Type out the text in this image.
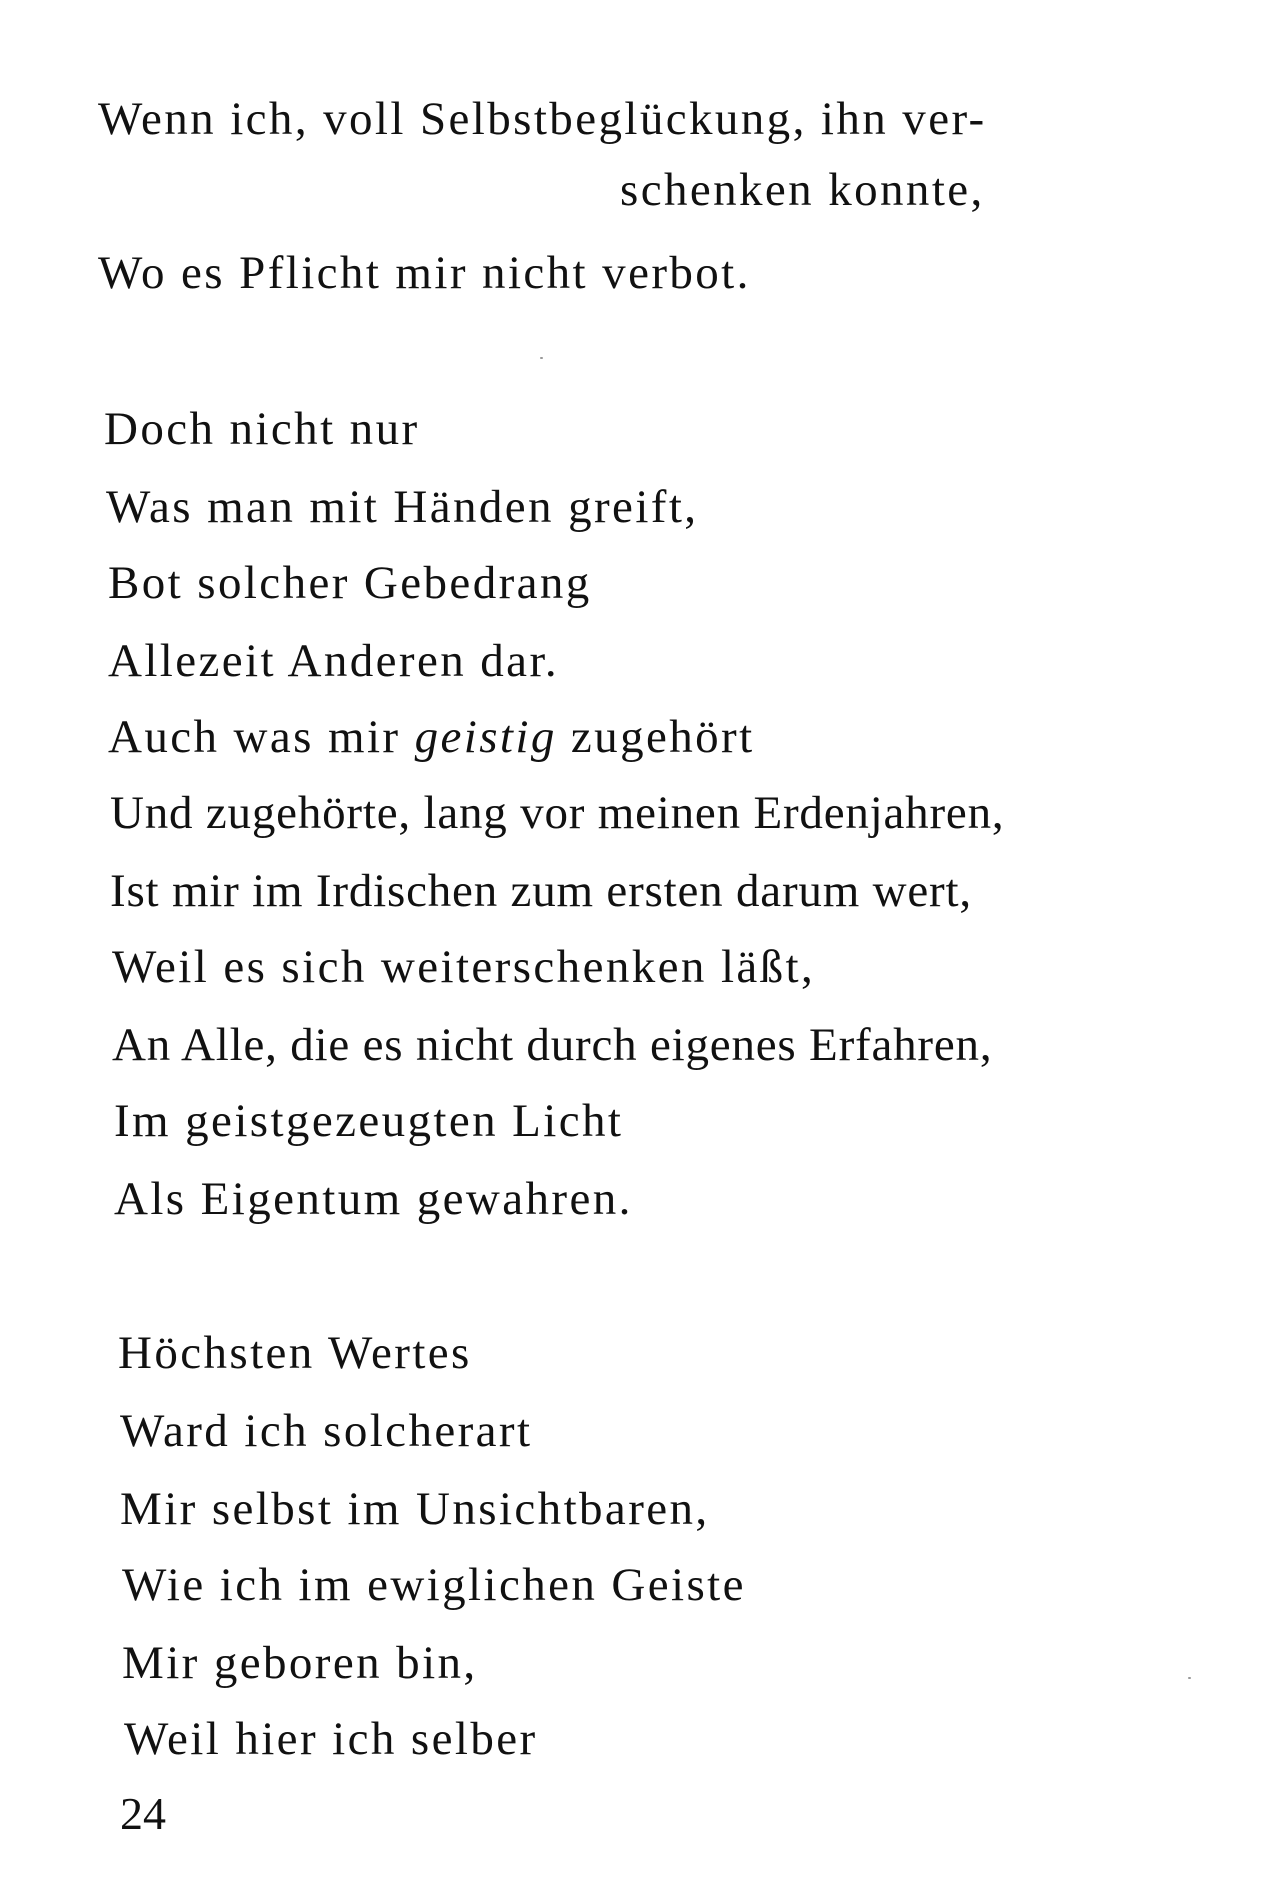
Wenn ich, voll Selbstbeglückung, ihn ver-
schenken konnte,
Wo es Pflicht mir nicht verbot.
Doch nicht nur
Was man mit Händen greift,
Bot solcher Gebedrang
Allezeit Anderen dar.
Auch was mir geistig zugehört
Und zugehörte, lang vor meinen Erdenjahren,
Ist mir im Irdischen zum ersten darum wert,
Weil es sich weiterschenken läßt,
An Alle, die es nicht durch eigenes Erfahren,
Im geistgezeugten Licht
Als Eigentum gewahren.
Höchsten Wertes
Ward ich solcherart
Mir selbst im Unsichtbaren,
Wie ich im ewiglichen Geiste
Mir geboren bin,
Weil hier ich selber
24
